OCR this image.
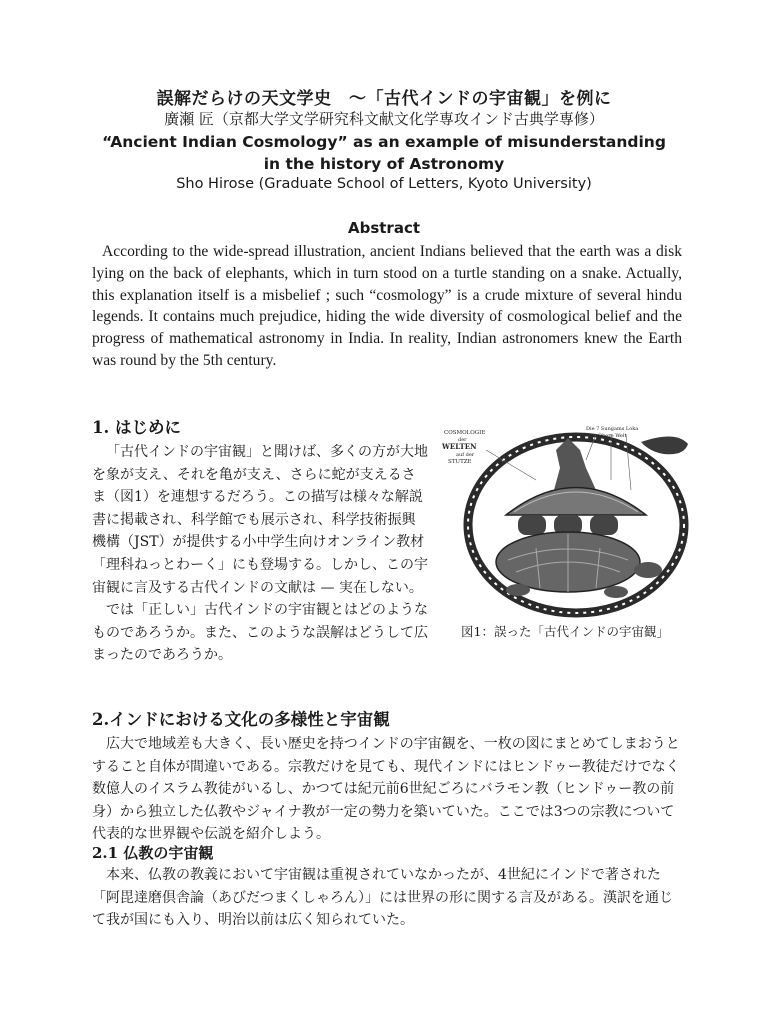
誤解だらけの天文学史　〜「古代インドの宇宙観」を例に
廣瀬 匠（京都大学文学研究科文献文化学専攻インド古典学専修）
“Ancient Indian Cosmology” as an example of misunderstanding
in the history of Astronomy
Sho Hirose (Graduate School of Letters, Kyoto University)
Abstract

According to the wide-spread illustration, ancient Indians believed that the earth was a disk lying on the back of elephants, which in turn stood on a turtle standing on a snake. Actually, this explanation itself is a misbelief ; such “cosmology” is a crude mixture of several hindu legends. It contains much prejudice, hiding the wide diversity of cosmological belief and the progress of mathematical astronomy in India. In reality, Indian astronomers knew the Earth was round by the 5th century.

1. はじめに

「古代インドの宇宙観」と聞けば、多くの方が大地を象が支え、それを亀が支え、さらに蛇が支えるさま（図1）を連想するだろう。この描写は様々な解説書に掲載され、科学館でも展示され、科学技術振興機構（JST）が提供する小中学生向けオンライン教材「理科ねっとわーく」にも登場する。しかし、この宇宙観に言及する古代インドの文献は — 実在しない。

では「正しい」古代インドの宇宙観とはどのようなものであろうか。また、このような誤解はどうして広まったのであろうか。

COSMOLOGIE
der
WELTEN
auf der
STUTZE
Die 7 Sungams Loka
Obere Welt
図1：誤った「古代インドの宇宙観」
2.インドにおける文化の多様性と宇宙観

広大で地域差も大きく、長い歴史を持つインドの宇宙観を、一枚の図にまとめてしまおうとすること自体が間違いである。宗教だけを見ても、現代インドにはヒンドゥー教徒だけでなく数億人のイスラム教徒がいるし、かつては紀元前6世紀ごろにバラモン教（ヒンドゥー教の前身）から独立した仏教やジャイナ教が一定の勢力を築いていた。ここでは3つの宗教について代表的な世界観や伝説を紹介しよう。

2.1 仏教の宇宙観

本来、仏教の教義において宇宙観は重視されていなかったが、4世紀にインドで著された「阿毘達磨倶舎論（あびだつまくしゃろん）」には世界の形に関する言及がある。漢訳を通じて我が国にも入り、明治以前は広く知られていた。
